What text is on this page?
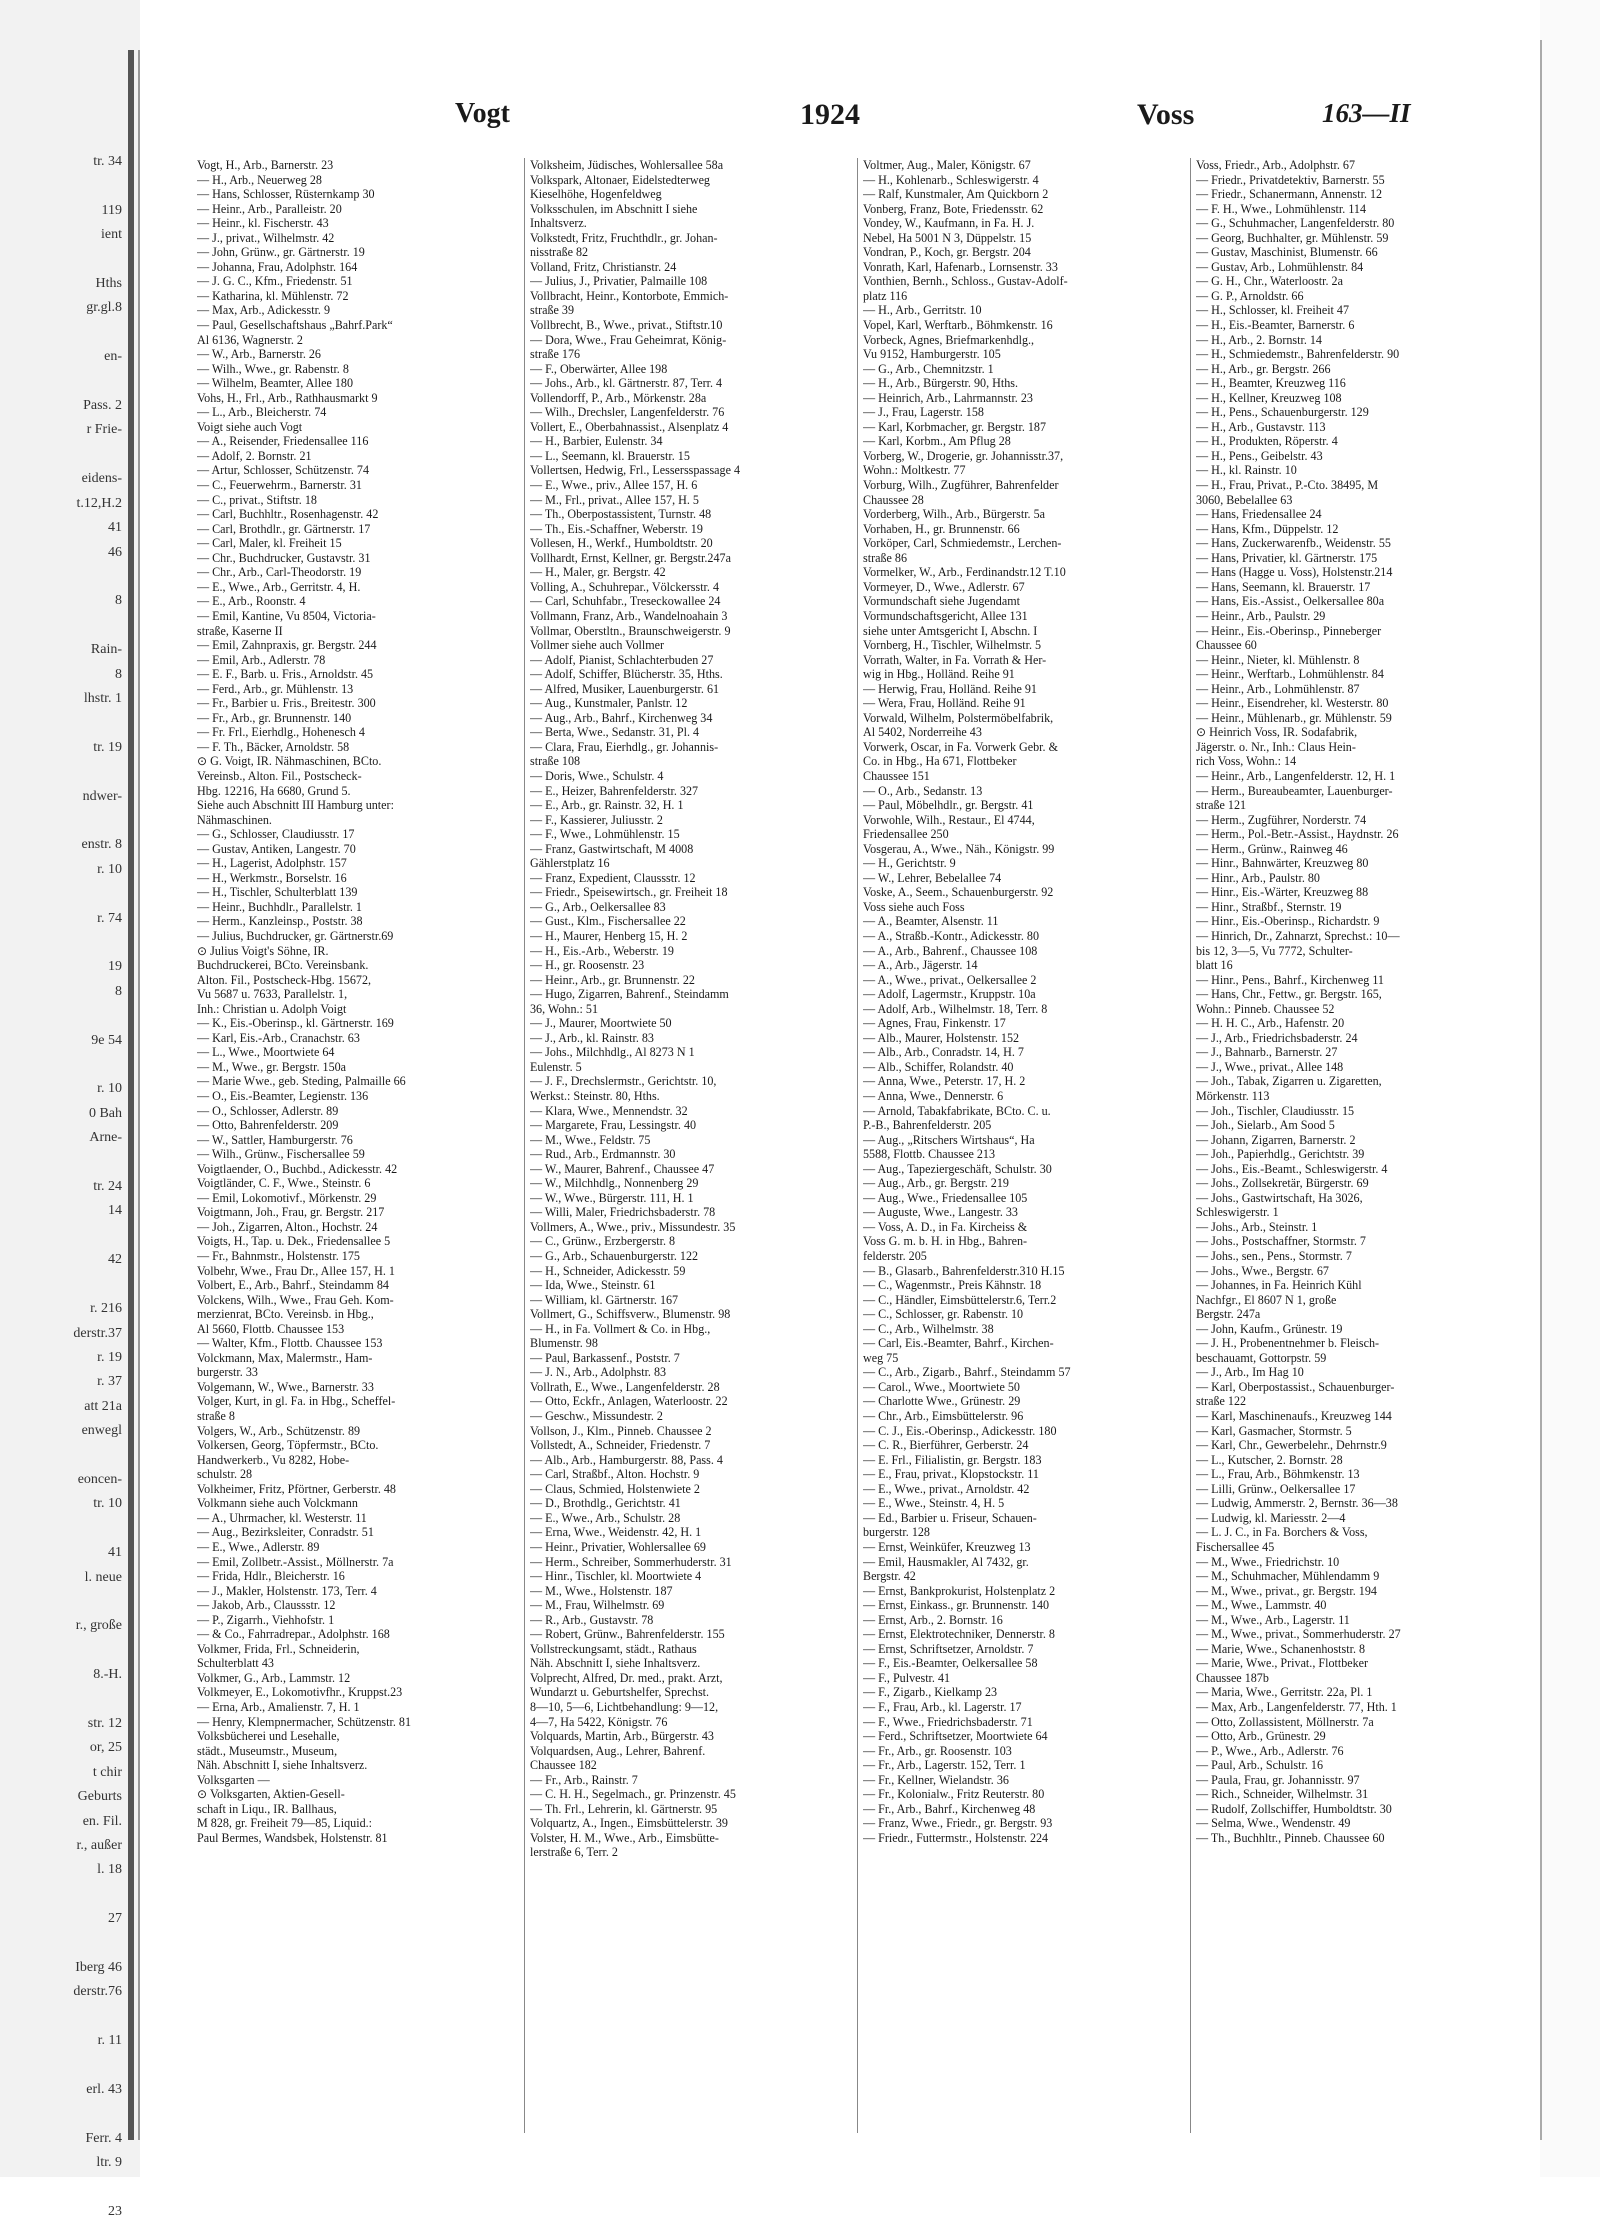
tr. 34

119
ient

Hths
gr.gl.8

en-

Pass. 2
r Frie-

eidens-
t.12,H.2
41
46

8

Rain-
8
lhstr. 1

tr. 19

ndwer-

enstr. 8
r. 10

r. 74

19
8

9e 54

r. 10
0 Bah
Arne-

tr. 24
14

42

r. 216
derstr.37
r. 19
r. 37
att 21a
enwegl

eoncen-
tr. 10

41
l. neue

r., große

8.-H.

str. 12
or, 25
t chir
Geburts
en. Fil.
r., außer
l. 18

27

Iberg 46
derstr.76

r. 11

erl. 43

Ferr. 4
ltr. 9

23
Vogt	1924	Voss	163—II
Vogt, H., Arb., Barnerstr. 23
— H., Arb., Neuerweg 28
— Hans, Schlosser, Rüsternkamp 30
— Heinr., Arb., Paralleistr. 20
— Heinr., kl. Fischerstr. 43
— J., privat., Wilhelmstr. 42
— John, Grünw., gr. Gärtnerstr. 19
— Johanna, Frau, Adolphstr. 164
— J. G. C., Kfm., Friedenstr. 51
— Katharina, kl. Mühlenstr. 72
— Max, Arb., Adickesstr. 9
— Paul, Gesellschaftshaus „Bahrf.Park“
Al 6136, Wagnerstr. 2
— W., Arb., Barnerstr. 26
— Wilh., Wwe., gr. Rabenstr. 8
— Wilhelm, Beamter, Allee 180
Vohs, H., Frl., Arb., Rathhausmarkt 9
— L., Arb., Bleicherstr. 74
Voigt siehe auch Vogt
— A., Reisender, Friedensallee 116
— Adolf, 2. Bornstr. 21
— Artur, Schlosser, Schützenstr. 74
— C., Feuerwehrm., Barnerstr. 31
— C., privat., Stiftstr. 18
— Carl, Buchhltr., Rosenhagenstr. 42
— Carl, Brothdlr., gr. Gärtnerstr. 17
— Carl, Maler, kl. Freiheit 15
— Chr., Buchdrucker, Gustavstr. 31
— Chr., Arb., Carl-Theodorstr. 19
— E., Wwe., Arb., Gerritstr. 4, H.
— E., Arb., Roonstr. 4
— Emil, Kantine, Vu 8504, Victoria-
straße, Kaserne II
— Emil, Zahnpraxis, gr. Bergstr. 244
— Emil, Arb., Adlerstr. 78
— E. F., Barb. u. Fris., Arnoldstr. 45
— Ferd., Arb., gr. Mühlenstr. 13
— Fr., Barbier u. Fris., Breitestr. 300
— Fr., Arb., gr. Brunnenstr. 140
— Fr. Frl., Eierhdlg., Hohenesch 4
— F. Th., Bäcker, Arnoldstr. 58
⊙ G. Voigt, IR. Nähmaschinen, BCto.
Vereinsb., Alton. Fil., Postscheck-
Hbg. 12216, Ha 6680, Grund 5.
Siehe auch Abschnitt III Hamburg unter:
Nähmaschinen.
— G., Schlosser, Claudiusstr. 17
— Gustav, Antiken, Langestr. 70
— H., Lagerist, Adolphstr. 157
— H., Werkmstr., Borselstr. 16
— H., Tischler, Schulterblatt 139
— Heinr., Buchhdlr., Parallelstr. 1
— Herm., Kanzleinsp., Poststr. 38
— Julius, Buchdrucker, gr. Gärtnerstr.69
⊙ Julius Voigt's Söhne, IR.
Buchdruckerei, BCto. Vereinsbank.
Alton. Fil., Postscheck-Hbg. 15672,
Vu 5687 u. 7633, Parallelstr. 1,
Inh.: Christian u. Adolph Voigt
— K., Eis.-Oberinsp., kl. Gärtnerstr. 169
— Karl, Eis.-Arb., Cranachstr. 63
— L., Wwe., Moortwiete 64
— M., Wwe., gr. Bergstr. 150a
— Marie Wwe., geb. Steding, Palmaille 66
— O., Eis.-Beamter, Legienstr. 136
— O., Schlosser, Adlerstr. 89
— Otto, Bahrenfelderstr. 209
— W., Sattler, Hamburgerstr. 76
— Wilh., Grünw., Fischersallee 59
Voigtlaender, O., Buchbd., Adickesstr. 42
Voigtländer, C. F., Wwe., Steinstr. 6
— Emil, Lokomotivf., Mörkenstr. 29
Voigtmann, Joh., Frau, gr. Bergstr. 217
— Joh., Zigarren, Alton., Hochstr. 24
Voigts, H., Tap. u. Dek., Friedensallee 5
— Fr., Bahnmstr., Holstenstr. 175
Volbehr, Wwe., Frau Dr., Allee 157, H. 1
Volbert, E., Arb., Bahrf., Steindamm 84
Volckens, Wilh., Wwe., Frau Geh. Kom-
merzienrat, BCto. Vereinsb. in Hbg.,
Al 5660, Flottb. Chaussee 153
— Walter, Kfm., Flottb. Chaussee 153
Volckmann, Max, Malermstr., Ham-
burgerstr. 33
Volgemann, W., Wwe., Barnerstr. 33
Volger, Kurt, in gl. Fa. in Hbg., Scheffel-
straße 8
Volgers, W., Arb., Schützenstr. 89
Volkersen, Georg, Töpfermstr., BCto.
Handwerkerb., Vu 8282, Hobe-
schulstr. 28
Volkheimer, Fritz, Pförtner, Gerberstr. 48
Volkmann siehe auch Volckmann
— A., Uhrmacher, kl. Westerstr. 11
— Aug., Bezirksleiter, Conradstr. 51
— E., Wwe., Adlerstr. 89
— Emil, Zollbetr.-Assist., Möllnerstr. 7a
— Frida, Hdlr., Bleicherstr. 16
— J., Makler, Holstenstr. 173, Terr. 4
— Jakob, Arb., Claussstr. 12
— P., Zigarrh., Viehhofstr. 1
— & Co., Fahrradrepar., Adolphstr. 168
Volkmer, Frida, Frl., Schneiderin,
Schulterblatt 43
Volkmer, G., Arb., Lammstr. 12
Volkmeyer, E., Lokomotivfhr., Kruppst.23
— Erna, Arb., Amalienstr. 7, H. 1
— Henry, Klempnermacher, Schützenstr. 81
Volksbücherei und Lesehalle,
städt., Museumstr., Museum,
Näh. Abschnitt I, siehe Inhaltsverz.
Volksgarten —
⊙ Volksgarten, Aktien-Gesell-
schaft in Liqu., IR. Ballhaus,
M 828, gr. Freiheit 79—85, Liquid.:
Paul Bermes, Wandsbek, Holstenstr. 81
Volksheim, Jüdisches, Wohlersallee 58a
Volkspark, Altonaer, Eidelstedterweg
Kieselhöhe, Hogenfeldweg
Volksschulen, im Abschnitt I siehe
Inhaltsverz.
Volkstedt, Fritz, Fruchthdlr., gr. Johan-
nisstraße 82
Volland, Fritz, Christianstr. 24
— Julius, J., Privatier, Palmaille 108
Vollbracht, Heinr., Kontorbote, Emmich-
straße 39
Vollbrecht, B., Wwe., privat., Stiftstr.10
— Dora, Wwe., Frau Geheimrat, König-
straße 176
— F., Oberwärter, Allee 198
— Johs., Arb., kl. Gärtnerstr. 87, Terr. 4
Vollendorff, P., Arb., Mörkenstr. 28a
— Wilh., Drechsler, Langenfelderstr. 76
Vollert, E., Oberbahnassist., Alsenplatz 4
— H., Barbier, Eulenstr. 34
— L., Seemann, kl. Brauerstr. 15
Vollertsen, Hedwig, Frl., Lessersspassage 4
— E., Wwe., priv., Allee 157, H. 6
— M., Frl., privat., Allee 157, H. 5
— Th., Oberpostassistent, Turnstr. 48
— Th., Eis.-Schaffner, Weberstr. 19
Vollesen, H., Werkf., Humboldtstr. 20
Vollhardt, Ernst, Kellner, gr. Bergstr.247a
— H., Maler, gr. Bergstr. 42
Volling, A., Schuhrepar., Völckersstr. 4
— Carl, Schuhfabr., Treseckowallee 24
Vollmann, Franz, Arb., Wandelnoahain 3
Vollmar, Oberstltn., Braunschweigerstr. 9
Vollmer siehe auch Vollmer
— Adolf, Pianist, Schlachterbuden 27
— Adolf, Schiffer, Blücherstr. 35, Hths.
— Alfred, Musiker, Lauenburgerstr. 61
— Aug., Kunstmaler, Panlstr. 12
— Aug., Arb., Bahrf., Kirchenweg 34
— Berta, Wwe., Sedanstr. 31, Pl. 4
— Clara, Frau, Eierhdlg., gr. Johannis-
straße 108
— Doris, Wwe., Schulstr. 4
— E., Heizer, Bahrenfelderstr. 327
— E., Arb., gr. Rainstr. 32, H. 1
— F., Kassierer, Juliusstr. 2
— F., Wwe., Lohmühlenstr. 15
— Franz, Gastwirtschaft, M 4008
Gählerstplatz 16
— Franz, Expedient, Claussstr. 12
— Friedr., Speisewirtsch., gr. Freiheit 18
— G., Arb., Oelkersallee 83
— Gust., Klm., Fischersallee 22
— H., Maurer, Henberg 15, H. 2
— H., Eis.-Arb., Weberstr. 19
— H., gr. Roosenstr. 23
— Heinr., Arb., gr. Brunnenstr. 22
— Hugo, Zigarren, Bahrenf., Steindamm
36, Wohn.: 51
— J., Maurer, Moortwiete 50
— J., Arb., kl. Rainstr. 83
— Johs., Milchhdlg., Al 8273 N 1
Eulenstr. 5
— J. F., Drechslermstr., Gerichtstr. 10,
Werkst.: Steinstr. 80, Hths.
— Klara, Wwe., Mennendstr. 32
— Margarete, Frau, Lessingstr. 40
— M., Wwe., Feldstr. 75
— Rud., Arb., Erdmannstr. 30
— W., Maurer, Bahrenf., Chaussee 47
— W., Milchhdlg., Nonnenberg 29
— W., Wwe., Bürgerstr. 111, H. 1
— Willi, Maler, Friedrichsbaderstr. 78
Vollmers, A., Wwe., priv., Missundestr. 35
— C., Grünw., Erzbergerstr. 8
— G., Arb., Schauenburgerstr. 122
— H., Schneider, Adickesstr. 59
— Ida, Wwe., Steinstr. 61
— William, kl. Gärtnerstr. 167
Vollmert, G., Schiffsverw., Blumenstr. 98
— H., in Fa. Vollmert & Co. in Hbg.,
Blumenstr. 98
— Paul, Barkassenf., Poststr. 7
— J. N., Arb., Adolphstr. 83
Vollrath, E., Wwe., Langenfelderstr. 28
— Otto, Eckfr., Anlagen, Waterloostr. 22
— Geschw., Missundestr. 2
Vollson, J., Klm., Pinneb. Chaussee 2
Vollstedt, A., Schneider, Friedenstr. 7
— Alb., Arb., Hamburgerstr. 88, Pass. 4
— Carl, Straßbf., Alton. Hochstr. 9
— Claus, Schmied, Holstenwiete 2
— D., Brothdlg., Gerichtstr. 41
— E., Wwe., Arb., Schulstr. 28
— Erna, Wwe., Weidenstr. 42, H. 1
— Heinr., Privatier, Wohlersallee 69
— Herm., Schreiber, Sommerhuderstr. 31
— Hinr., Tischler, kl. Moortwiete 4
— M., Wwe., Holstenstr. 187
— M., Frau, Wilhelmstr. 69
— R., Arb., Gustavstr. 78
— Robert, Grünw., Bahrenfelderstr. 155
Vollstreckungsamt, städt., Rathaus
Näh. Abschnitt I, siehe Inhaltsverz.
Volprecht, Alfred, Dr. med., prakt. Arzt,
Wundarzt u. Geburtshelfer, Sprechst.
8—10, 5—6, Lichtbehandlung: 9—12,
4—7, Ha 5422, Königstr. 76
Volquards, Martin, Arb., Bürgerstr. 43
Volquardsen, Aug., Lehrer, Bahrenf.
Chaussee 182
— Fr., Arb., Rainstr. 7
— C. H. H., Segelmach., gr. Prinzenstr. 45
— Th. Frl., Lehrerin, kl. Gärtnerstr. 95
Volquartz, A., Ingen., Eimsbüttelerstr. 39
Volster, H. M., Wwe., Arb., Eimsbütte-
lerstraße 6, Terr. 2
Voltmer, Aug., Maler, Königstr. 67
— H., Kohlenarb., Schleswigerstr. 4
— Ralf, Kunstmaler, Am Quickborn 2
Vonberg, Franz, Bote, Friedensstr. 62
Vondey, W., Kaufmann, in Fa. H. J.
Nebel, Ha 5001 N 3, Düppelstr. 15
Vondran, P., Koch, gr. Bergstr. 204
Vonrath, Karl, Hafenarb., Lornsenstr. 33
Vonthien, Bernh., Schloss., Gustav-Adolf-
platz 116
— H., Arb., Gerritstr. 10
Vopel, Karl, Werftarb., Böhmkenstr. 16
Vorbeck, Agnes, Briefmarkenhdlg.,
Vu 9152, Hamburgerstr. 105
— G., Arb., Chemnitzstr. 1
— H., Arb., Bürgerstr. 90, Hths.
— Heinrich, Arb., Lahrmannstr. 23
— J., Frau, Lagerstr. 158
— Karl, Korbmacher, gr. Bergstr. 187
— Karl, Korbm., Am Pflug 28
Vorberg, W., Drogerie, gr. Johannisstr.37,
Wohn.: Moltkestr. 77
Vorburg, Wilh., Zugführer, Bahrenfelder
Chaussee 28
Vorderberg, Wilh., Arb., Bürgerstr. 5a
Vorhaben, H., gr. Brunnenstr. 66
Vorköper, Carl, Schmiedemstr., Lerchen-
straße 86
Vormelker, W., Arb., Ferdinandstr.12 T.10
Vormeyer, D., Wwe., Adlerstr. 67
Vormundschaft siehe Jugendamt
Vormundschaftsgericht, Allee 131
siehe unter Amtsgericht I, Abschn. I
Vornberg, H., Tischler, Wilhelmstr. 5
Vorrath, Walter, in Fa. Vorrath & Her-
wig in Hbg., Holländ. Reihe 91
— Herwig, Frau, Holländ. Reihe 91
— Wera, Frau, Holländ. Reihe 91
Vorwald, Wilhelm, Polstermöbelfabrik,
Al 5402, Norderreihe 43
Vorwerk, Oscar, in Fa. Vorwerk Gebr. &
Co. in Hbg., Ha 671, Flottbeker
Chaussee 151
— O., Arb., Sedanstr. 13
— Paul, Möbelhdlr., gr. Bergstr. 41
Vorwohle, Wilh., Restaur., El 4744,
Friedensallee 250
Vosgerau, A., Wwe., Näh., Königstr. 99
— H., Gerichtstr. 9
— W., Lehrer, Bebelallee 74
Voske, A., Seem., Schauenburgerstr. 92
Voss siehe auch Foss
— A., Beamter, Alsenstr. 11
— A., Straßb.-Kontr., Adickesstr. 80
— A., Arb., Bahrenf., Chaussee 108
— A., Arb., Jägerstr. 14
— A., Wwe., privat., Oelkersallee 2
— Adolf, Lagermstr., Kruppstr. 10a
— Adolf, Arb., Wilhelmstr. 18, Terr. 8
— Agnes, Frau, Finkenstr. 17
— Alb., Maurer, Holstenstr. 152
— Alb., Arb., Conradstr. 14, H. 7
— Alb., Schiffer, Rolandstr. 40
— Anna, Wwe., Peterstr. 17, H. 2
— Anna, Wwe., Dennerstr. 6
— Arnold, Tabakfabrikate, BCto. C. u.
P.-B., Bahrenfelderstr. 205
— Aug., „Ritschers Wirtshaus“, Ha
5588, Flottb. Chaussee 213
— Aug., Tapeziergeschäft, Schulstr. 30
— Aug., Arb., gr. Bergstr. 219
— Aug., Wwe., Friedensallee 105
— Auguste, Wwe., Langestr. 33
— Voss, A. D., in Fa. Kircheiss &
Voss G. m. b. H. in Hbg., Bahren-
felderstr. 205
— B., Glasarb., Bahrenfelderstr.310 H.15
— C., Wagenmstr., Preis Kähnstr. 18
— C., Händler, Eimsbüttelerstr.6, Terr.2
— C., Schlosser, gr. Rabenstr. 10
— C., Arb., Wilhelmstr. 38
— Carl, Eis.-Beamter, Bahrf., Kirchen-
weg 75
— C., Arb., Zigarb., Bahrf., Steindamm 57
— Carol., Wwe., Moortwiete 50
— Charlotte Wwe., Grünestr. 29
— Chr., Arb., Eimsbüttelerstr. 96
— C. J., Eis.-Oberinsp., Adickesstr. 180
— C. R., Bierführer, Gerberstr. 24
— E. Frl., Filialistin, gr. Bergstr. 183
— E., Frau, privat., Klopstockstr. 11
— E., Wwe., privat., Arnoldstr. 42
— E., Wwe., Steinstr. 4, H. 5
— Ed., Barbier u. Friseur, Schauen-
burgerstr. 128
— Ernst, Weinküfer, Kreuzweg 13
— Emil, Hausmakler, Al 7432, gr.
Bergstr. 42
— Ernst, Bankprokurist, Holstenplatz 2
— Ernst, Einkass., gr. Brunnenstr. 140
— Ernst, Arb., 2. Bornstr. 16
— Ernst, Elektrotechniker, Dennerstr. 8
— Ernst, Schriftsetzer, Arnoldstr. 7
— F., Eis.-Beamter, Oelkersallee 58
— F., Pulvestr. 41
— F., Zigarb., Kielkamp 23
— F., Frau, Arb., kl. Lagerstr. 17
— F., Wwe., Friedrichsbaderstr. 71
— Ferd., Schriftsetzer, Moortwiete 64
— Fr., Arb., gr. Roosenstr. 103
— Fr., Arb., Lagerstr. 152, Terr. 1
— Fr., Kellner, Wielandstr. 36
— Fr., Kolonialw., Fritz Reuterstr. 80
— Fr., Arb., Bahrf., Kirchenweg 48
— Franz, Wwe., Friedr., gr. Bergstr. 93
— Friedr., Futtermstr., Holstenstr. 224
Voss, Friedr., Arb., Adolphstr. 67
— Friedr., Privatdetektiv, Barnerstr. 55
— Friedr., Schanermann, Annenstr. 12
— F. H., Wwe., Lohmühlenstr. 114
— G., Schuhmacher, Langenfelderstr. 80
— Georg, Buchhalter, gr. Mühlenstr. 59
— Gustav, Maschinist, Blumenstr. 66
— Gustav, Arb., Lohmühlenstr. 84
— G. H., Chr., Waterloostr. 2a
— G. P., Arnoldstr. 66
— H., Schlosser, kl. Freiheit 47
— H., Eis.-Beamter, Barnerstr. 6
— H., Arb., 2. Bornstr. 14
— H., Schmiedemstr., Bahrenfelderstr. 90
— H., Arb., gr. Bergstr. 266
— H., Beamter, Kreuzweg 116
— H., Kellner, Kreuzweg 108
— H., Pens., Schauenburgerstr. 129
— H., Arb., Gustavstr. 113
— H., Produkten, Röperstr. 4
— H., Pens., Geibelstr. 43
— H., kl. Rainstr. 10
— H., Frau, Privat., P.-Cto. 38495, M
3060, Bebelallee 63
— Hans, Friedensallee 24
— Hans, Kfm., Düppelstr. 12
— Hans, Zuckerwarenfb., Weidenstr. 55
— Hans, Privatier, kl. Gärtnerstr. 175
— Hans (Hagge u. Voss), Holstenstr.214
— Hans, Seemann, kl. Brauerstr. 17
— Hans, Eis.-Assist., Oelkersallee 80a
— Heinr., Arb., Paulstr. 29
— Heinr., Eis.-Oberinsp., Pinneberger
Chaussee 60
— Heinr., Nieter, kl. Mühlenstr. 8
— Heinr., Werftarb., Lohmühlenstr. 84
— Heinr., Arb., Lohmühlenstr. 87
— Heinr., Eisendreher, kl. Westerstr. 80
— Heinr., Mühlenarb., gr. Mühlenstr. 59
⊙ Heinrich Voss, IR. Sodafabrik,
Jägerstr. o. Nr., Inh.: Claus Hein-
rich Voss, Wohn.: 14
— Heinr., Arb., Langenfelderstr. 12, H. 1
— Herm., Bureaubeamter, Lauenburger-
straße 121
— Herm., Zugführer, Norderstr. 74
— Herm., Pol.-Betr.-Assist., Haydnstr. 26
— Herm., Grünw., Rainweg 46
— Hinr., Bahnwärter, Kreuzweg 80
— Hinr., Arb., Paulstr. 80
— Hinr., Eis.-Wärter, Kreuzweg 88
— Hinr., Straßbf., Sternstr. 19
— Hinr., Eis.-Oberinsp., Richardstr. 9
— Hinrich, Dr., Zahnarzt, Sprechst.: 10—
bis 12, 3—5, Vu 7772, Schulter-
blatt 16
— Hinr., Pens., Bahrf., Kirchenweg 11
— Hans, Chr., Fettw., gr. Bergstr. 165,
Wohn.: Pinneb. Chaussee 52
— H. H. C., Arb., Hafenstr. 20
— J., Arb., Friedrichsbaderstr. 24
— J., Bahnarb., Barnerstr. 27
— J., Wwe., privat., Allee 148
— Joh., Tabak, Zigarren u. Zigaretten,
Mörkenstr. 113
— Joh., Tischler, Claudiusstr. 15
— Joh., Sielarb., Am Sood 5
— Johann, Zigarren, Barnerstr. 2
— Joh., Papierhdlg., Gerichtstr. 39
— Johs., Eis.-Beamt., Schleswigerstr. 4
— Johs., Zollsekretär, Bürgerstr. 69
— Johs., Gastwirtschaft, Ha 3026,
Schleswigerstr. 1
— Johs., Arb., Steinstr. 1
— Johs., Postschaffner, Stormstr. 7
— Johs., sen., Pens., Stormstr. 7
— Johs., Wwe., Bergstr. 67
— Johannes, in Fa. Heinrich Kühl
Nachfgr., El 8607 N 1, große
Bergstr. 247a
— John, Kaufm., Grünestr. 19
— J. H., Probenentnehmer b. Fleisch-
beschauamt, Gottorpstr. 59
— J., Arb., Im Hag 10
— Karl, Oberpostassist., Schauenburger-
straße 122
— Karl, Maschinenaufs., Kreuzweg 144
— Karl, Gasmacher, Stormstr. 5
— Karl, Chr., Gewerbelehr., Dehrnstr.9
— L., Kutscher, 2. Bornstr. 28
— L., Frau, Arb., Böhmkenstr. 13
— Lilli, Grünw., Oelkersallee 17
— Ludwig, Ammerstr. 2, Bernstr. 36—38
— Ludwig, kl. Mariesstr. 2—4
— L. J. C., in Fa. Borchers & Voss,
Fischersallee 45
— M., Wwe., Friedrichstr. 10
— M., Schuhmacher, Mühlendamm 9
— M., Wwe., privat., gr. Bergstr. 194
— M., Wwe., Lammstr. 40
— M., Wwe., Arb., Lagerstr. 11
— M., Wwe., privat., Sommerhuderstr. 27
— Marie, Wwe., Schanenhoststr. 8
— Marie, Wwe., Privat., Flottbeker
Chaussee 187b
— Maria, Wwe., Gerritstr. 22a, Pl. 1
— Max, Arb., Langenfelderstr. 77, Hth. 1
— Otto, Zollassistent, Möllnerstr. 7a
— Otto, Arb., Grünestr. 29
— P., Wwe., Arb., Adlerstr. 76
— Paul, Arb., Schulstr. 16
— Paula, Frau, gr. Johannisstr. 97
— Rich., Schneider, Wilhelmstr. 31
— Rudolf, Zollschiffer, Humboldtstr. 30
— Selma, Wwe., Wendenstr. 49
— Th., Buchhltr., Pinneb. Chaussee 60
